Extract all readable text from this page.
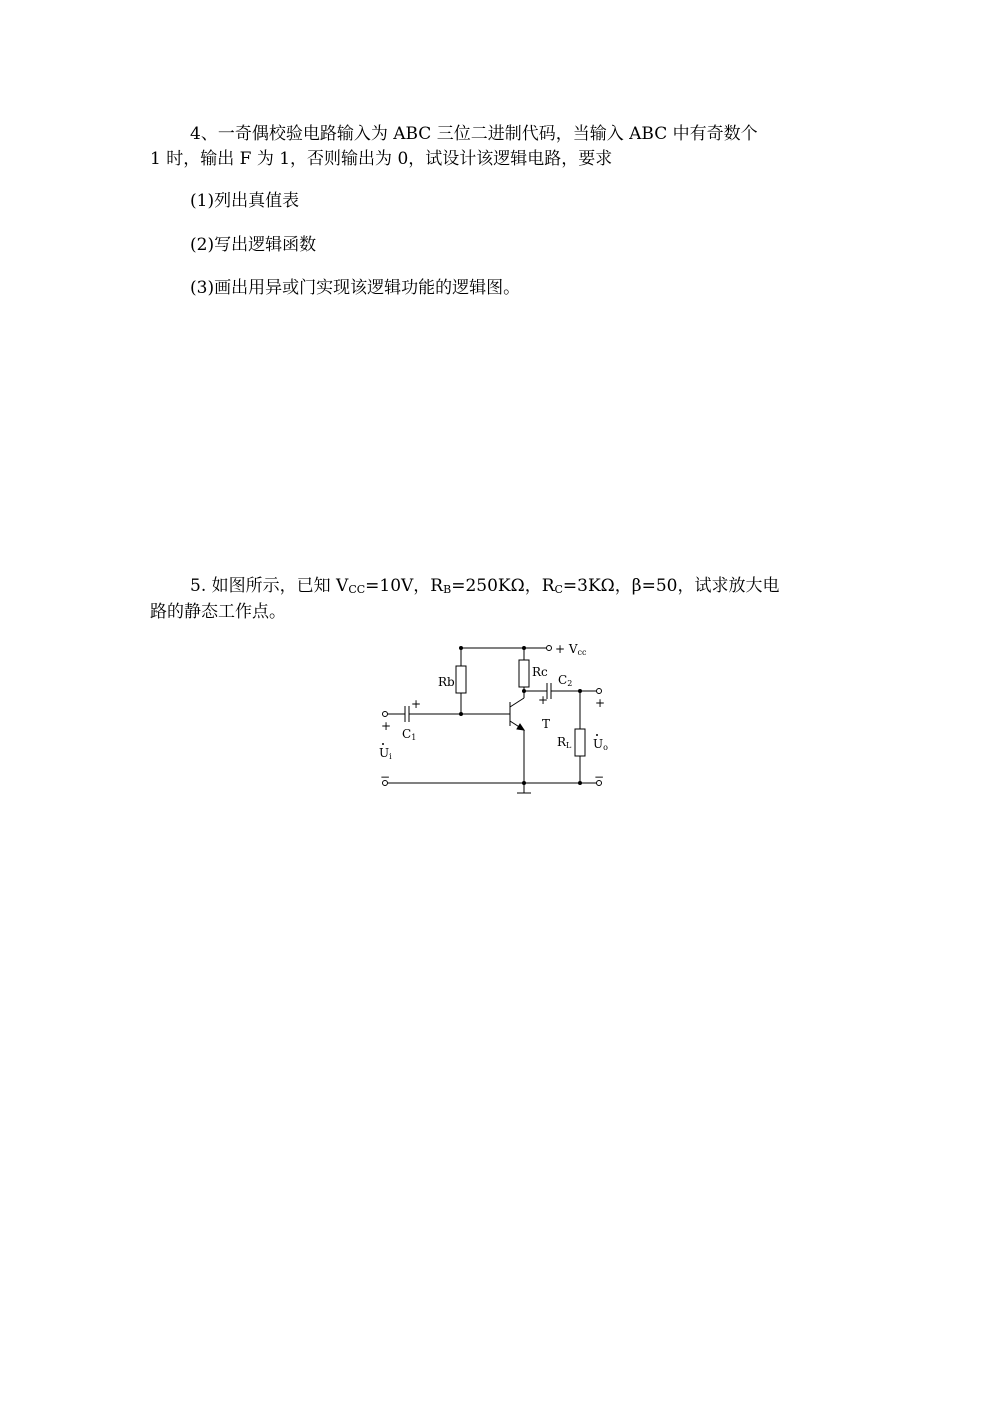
4、一奇偶校验电路输入为 ABC 三位二进制代码，当输入 ABC 中有奇数个
1 时，输出 F 为 1，否则输出为 0，试设计该逻辑电路，要求
(1)列出真值表
(2)写出逻辑函数
(3)画出用异或门实现该逻辑功能的逻辑图。
5. 如图所示，已知 VCC=10V，RB=250KΩ，RC=3KΩ，β=50，试求放大电
路的静态工作点。
+ Vcc
Rb
Rc
C2
+	+
+
C1
+	T
RL Uo
Ui
−	−
